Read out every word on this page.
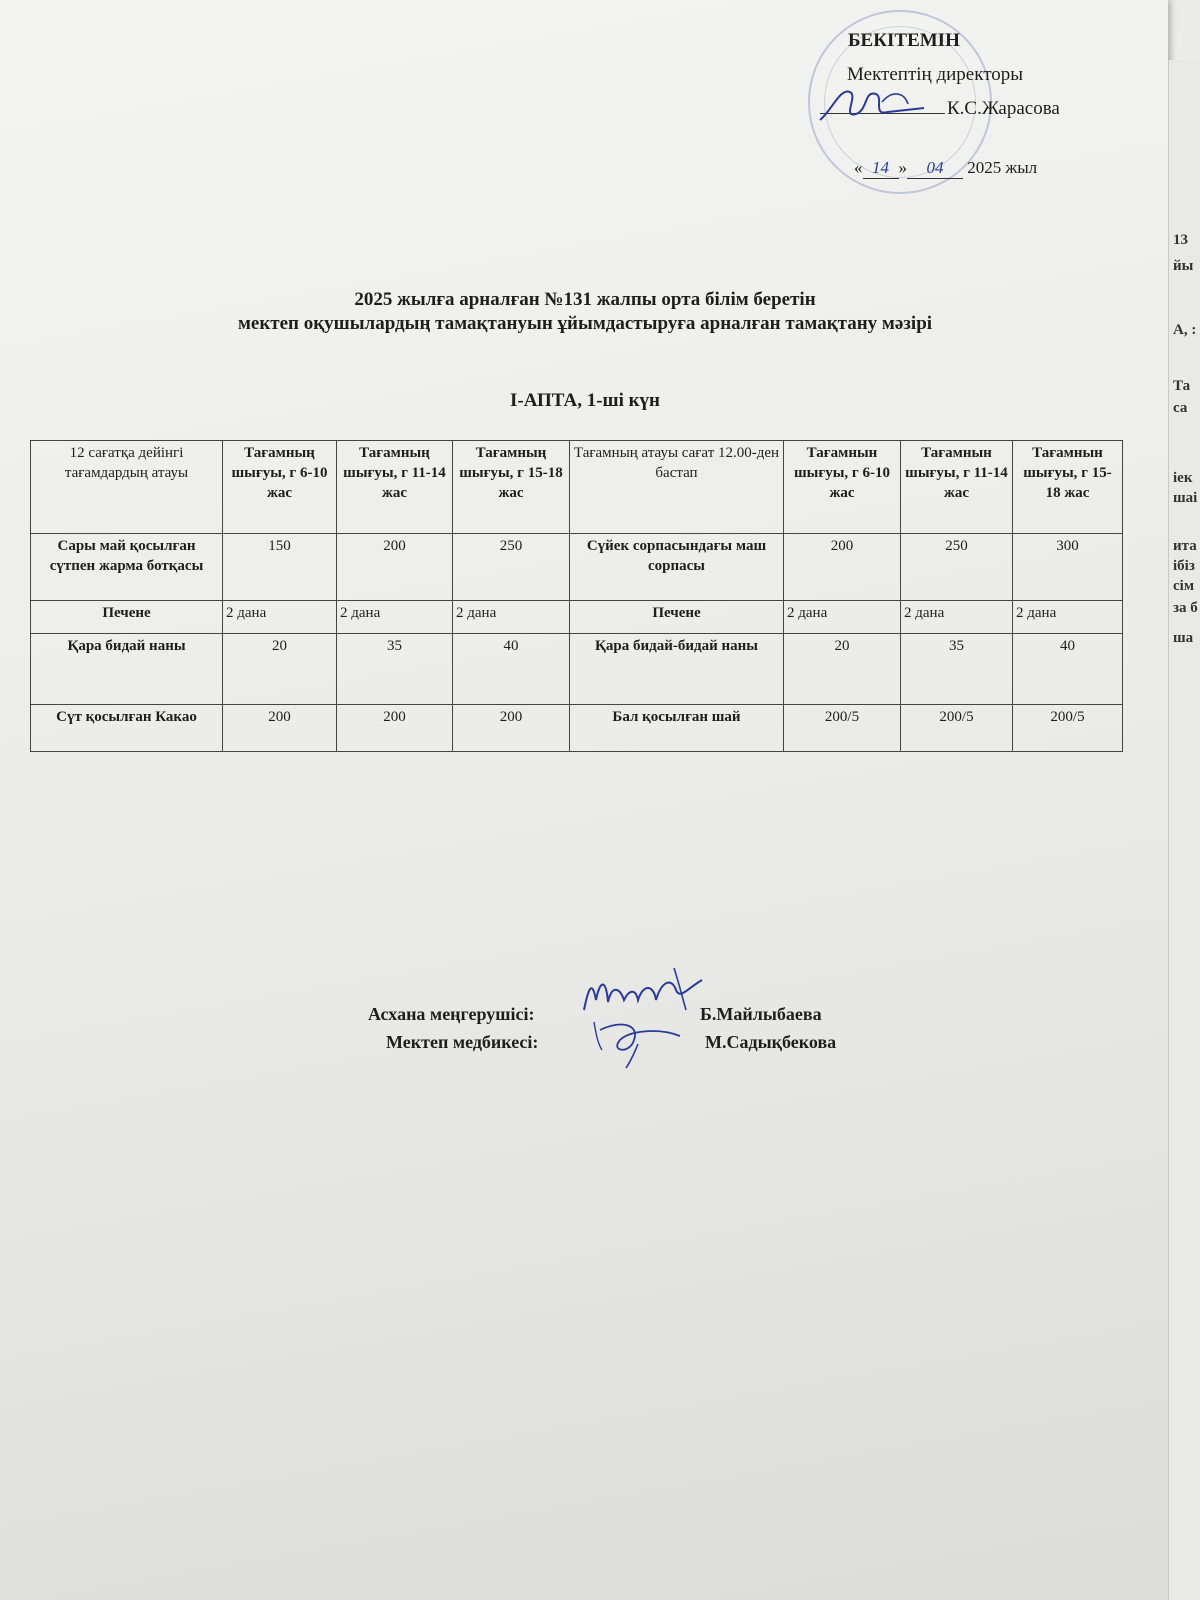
13
йы
А, :
Та
са
іек
шаі
ита
ібіз
сім
за б
ша
БЕКІТЕМІН
Мектептің директоры
К.С.Жарасова
« 14 » 04 2025 жыл
2025 жылға арналған №131 жалпы орта білім беретін
мектеп оқушылардың тамақтануын ұйымдастыруға арналған тамақтану мәзірі
І-АПТА, 1-ші күн
12 сағатқа дейінгі тағамдардың атауы	Тағамның шығуы, г 6-10 жас	Тағамның шығуы, г 11-14 жас	Тағамның шығуы, г 15-18 жас	Тағамның атауы сағат 12.00-ден бастап	Тағамнын шығуы, г 6-10 жас	Тағамнын шығуы, г 11-14 жас	Тағамнын шығуы, г 15-18 жас
Сары май қосылған сүтпен жарма ботқасы	150	200	250	Сүйек сорпасындағы маш сорпасы	200	250	300
Печене	2 дана	2 дана	2 дана	Печене	2 дана	2 дана	2 дана
Қара бидай наны	20	35	40	Қара бидай-бидай наны	20	35	40
Сүт қосылған Какао	200	200	200	Бал қосылған шай	200/5	200/5	200/5
Асхана меңгерушісі:	Б.Майлыбаева
Мектеп медбикесі:	М.Садықбекова
